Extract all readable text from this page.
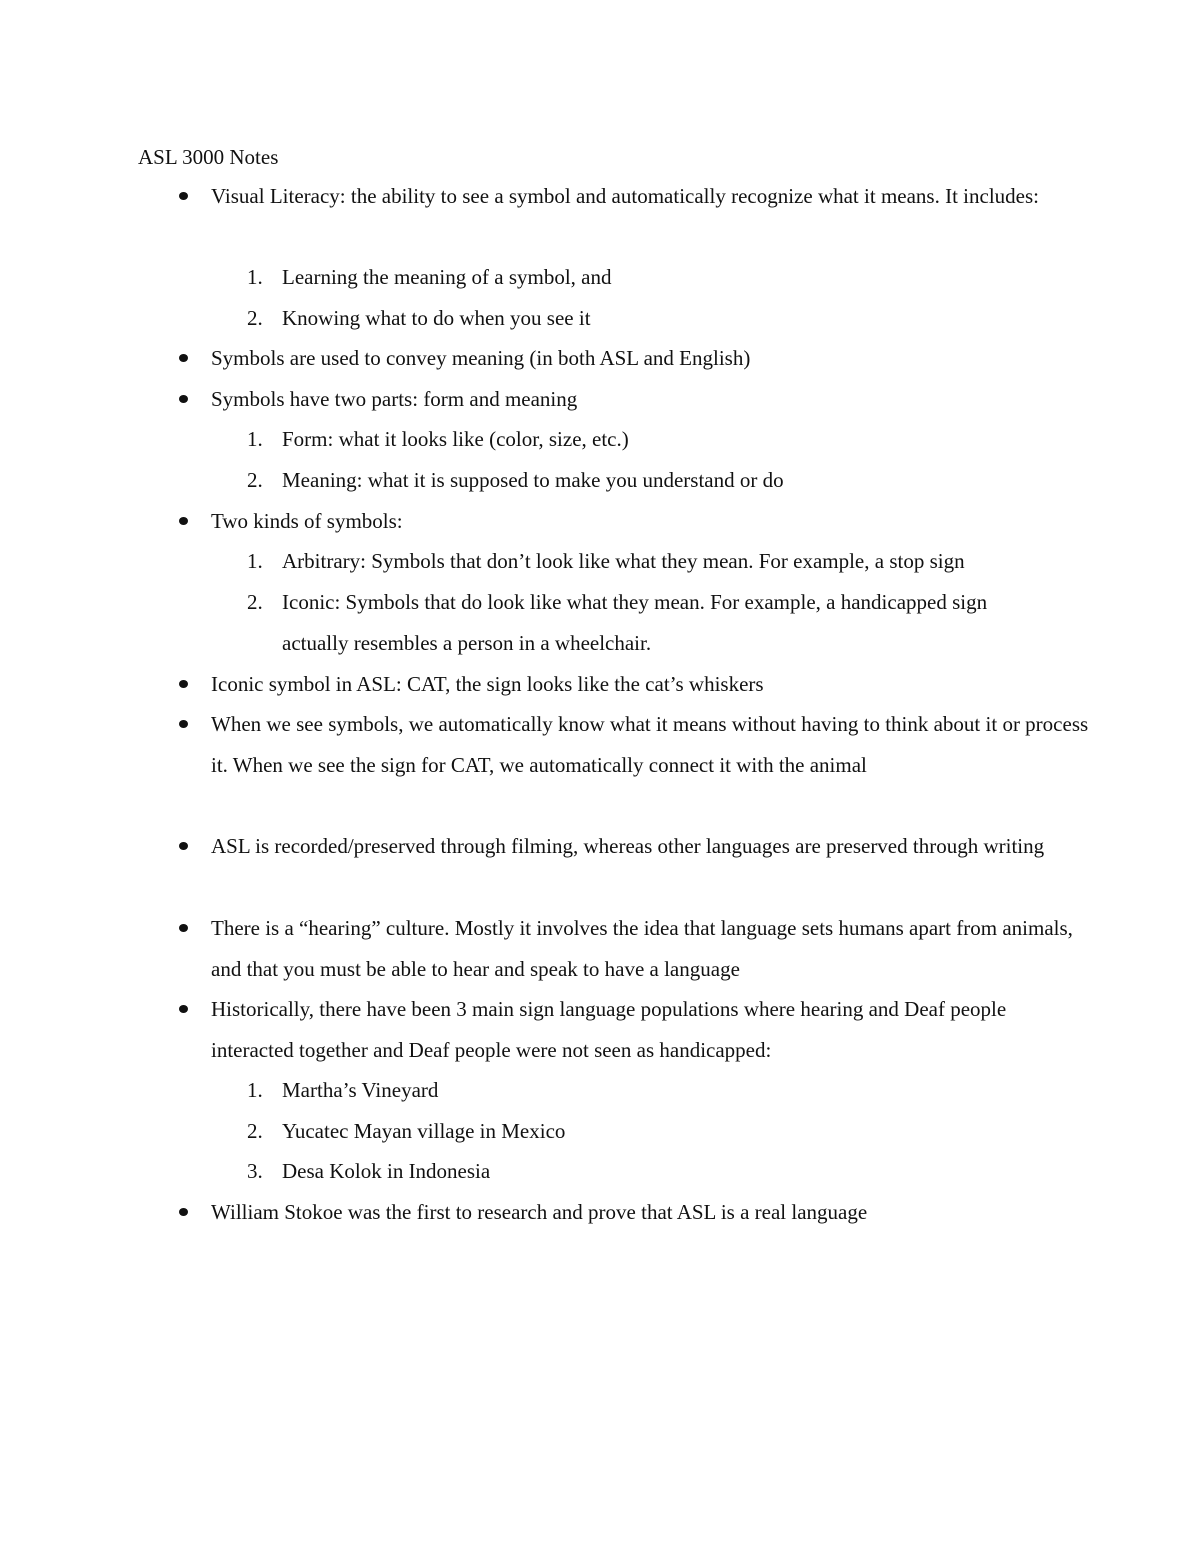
ASL 3000 Notes
Visual Literacy: the ability to see a symbol and automatically recognize what it means. It includes:
1. Learning the meaning of a symbol, and
2. Knowing what to do when you see it
Symbols are used to convey meaning (in both ASL and English)
Symbols have two parts: form and meaning
1. Form: what it looks like (color, size, etc.)
2. Meaning: what it is supposed to make you understand or do
Two kinds of symbols:
1. Arbitrary: Symbols that don’t look like what they mean. For example, a stop sign
2. Iconic: Symbols that do look like what they mean. For example, a handicapped sign actually resembles a person in a wheelchair.
Iconic symbol in ASL: CAT, the sign looks like the cat’s whiskers
When we see symbols, we automatically know what it means without having to think about it or process it. When we see the sign for CAT, we automatically connect it with the animal
ASL is recorded/preserved through filming, whereas other languages are preserved through writing
There is a “hearing” culture. Mostly it involves the idea that language sets humans apart from animals, and that you must be able to hear and speak to have a language
Historically, there have been 3 main sign language populations where hearing and Deaf people interacted together and Deaf people were not seen as handicapped:
1. Martha’s Vineyard
2. Yucatec Mayan village in Mexico
3. Desa Kolok in Indonesia
William Stokoe was the first to research and prove that ASL is a real language
